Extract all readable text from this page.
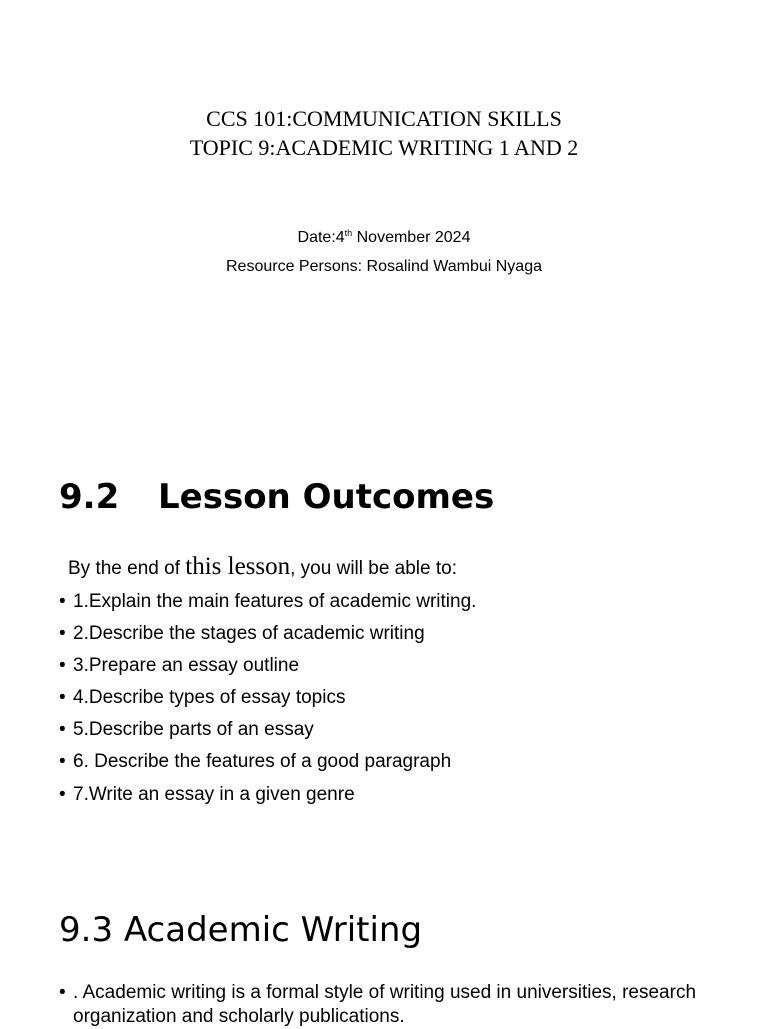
CCS 101:COMMUNICATION SKILLS
TOPIC 9:ACADEMIC WRITING 1 AND 2
Date:4th November 2024
Resource Persons: Rosalind Wambui Nyaga
9.2 Lesson Outcomes
By the end of this lesson, you will be able to:
• 1.Explain the main features of academic writing.
• 2.Describe the stages of academic writing
• 3.Prepare an essay outline
• 4.Describe types of essay topics
• 5.Describe parts of an essay
• 6. Describe the features of a good paragraph
• 7.Write an essay in a given genre
9.3 Academic Writing
• . Academic writing is a formal style of writing used in universities, research organization and scholarly publications.
